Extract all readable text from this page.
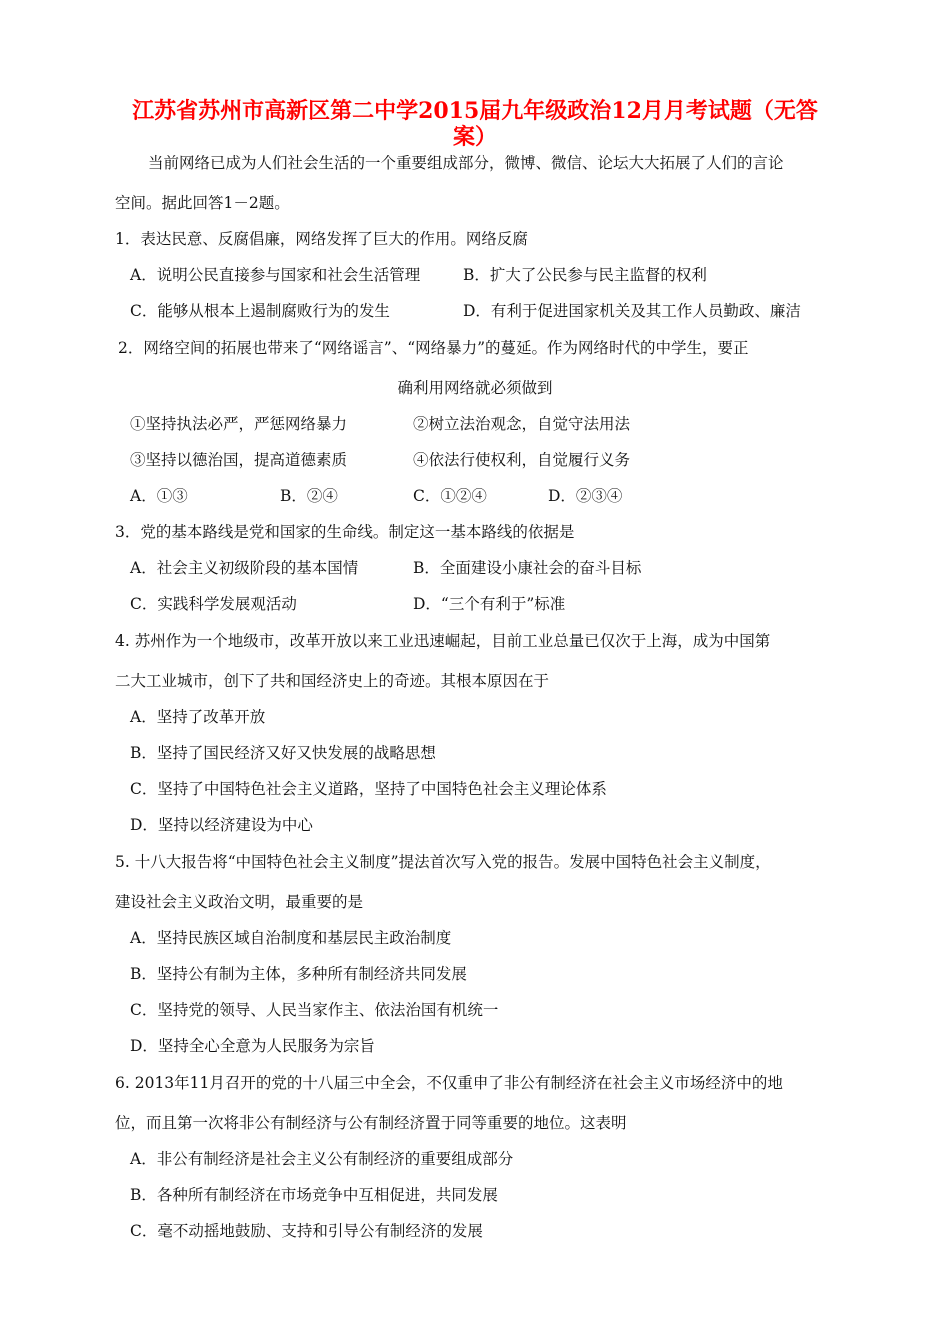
江苏省苏州市高新区第二中学2015届九年级政治12月月考试题（无答
案）
当前网络已成为人们社会生活的一个重要组成部分，微博、微信、论坛大大拓展了人们的言论
空间。据此回答1－2题。
1．表达民意、反腐倡廉，网络发挥了巨大的作用。网络反腐
A．说明公民直接参与国家和社会生活管理	B．扩大了公民参与民主监督的权利
C．能够从根本上遏制腐败行为的发生	D．有利于促进国家机关及其工作人员勤政、廉洁
2．网络空间的拓展也带来了“网络谣言”、“网络暴力”的蔓延。作为网络时代的中学生，要正
确利用网络就必须做到
①坚持执法必严，严惩网络暴力	②树立法治观念，自觉守法用法
③坚持以德治国，提高道德素质	④依法行使权利，自觉履行义务
A．①③	B．②④	C．①②④	D．②③④
3．党的基本路线是党和国家的生命线。制定这一基本路线的依据是
A．社会主义初级阶段的基本国情	B．全面建设小康社会的奋斗目标
C．实践科学发展观活动	D．“三个有利于”标准
4. 苏州作为一个地级市，改革开放以来工业迅速崛起，目前工业总量已仅次于上海，成为中国第
二大工业城市，创下了共和国经济史上的奇迹。其根本原因在于
A．坚持了改革开放
B．坚持了国民经济又好又快发展的战略思想
C．坚持了中国特色社会主义道路，坚持了中国特色社会主义理论体系
D．坚持以经济建设为中心
5. 十八大报告将“中国特色社会主义制度”提法首次写入党的报告。发展中国特色社会主义制度，
建设社会主义政治文明，最重要的是
A．坚持民族区域自治制度和基层民主政治制度
B．坚持公有制为主体，多种所有制经济共同发展
C．坚持党的领导、人民当家作主、依法治国有机统一
D．坚持全心全意为人民服务为宗旨
6. 2013年11月召开的党的十八届三中全会，不仅重申了非公有制经济在社会主义市场经济中的地
位，而且第一次将非公有制经济与公有制经济置于同等重要的地位。这表明
A．非公有制经济是社会主义公有制经济的重要组成部分
B．各种所有制经济在市场竞争中互相促进，共同发展
C．毫不动摇地鼓励、支持和引导公有制经济的发展
